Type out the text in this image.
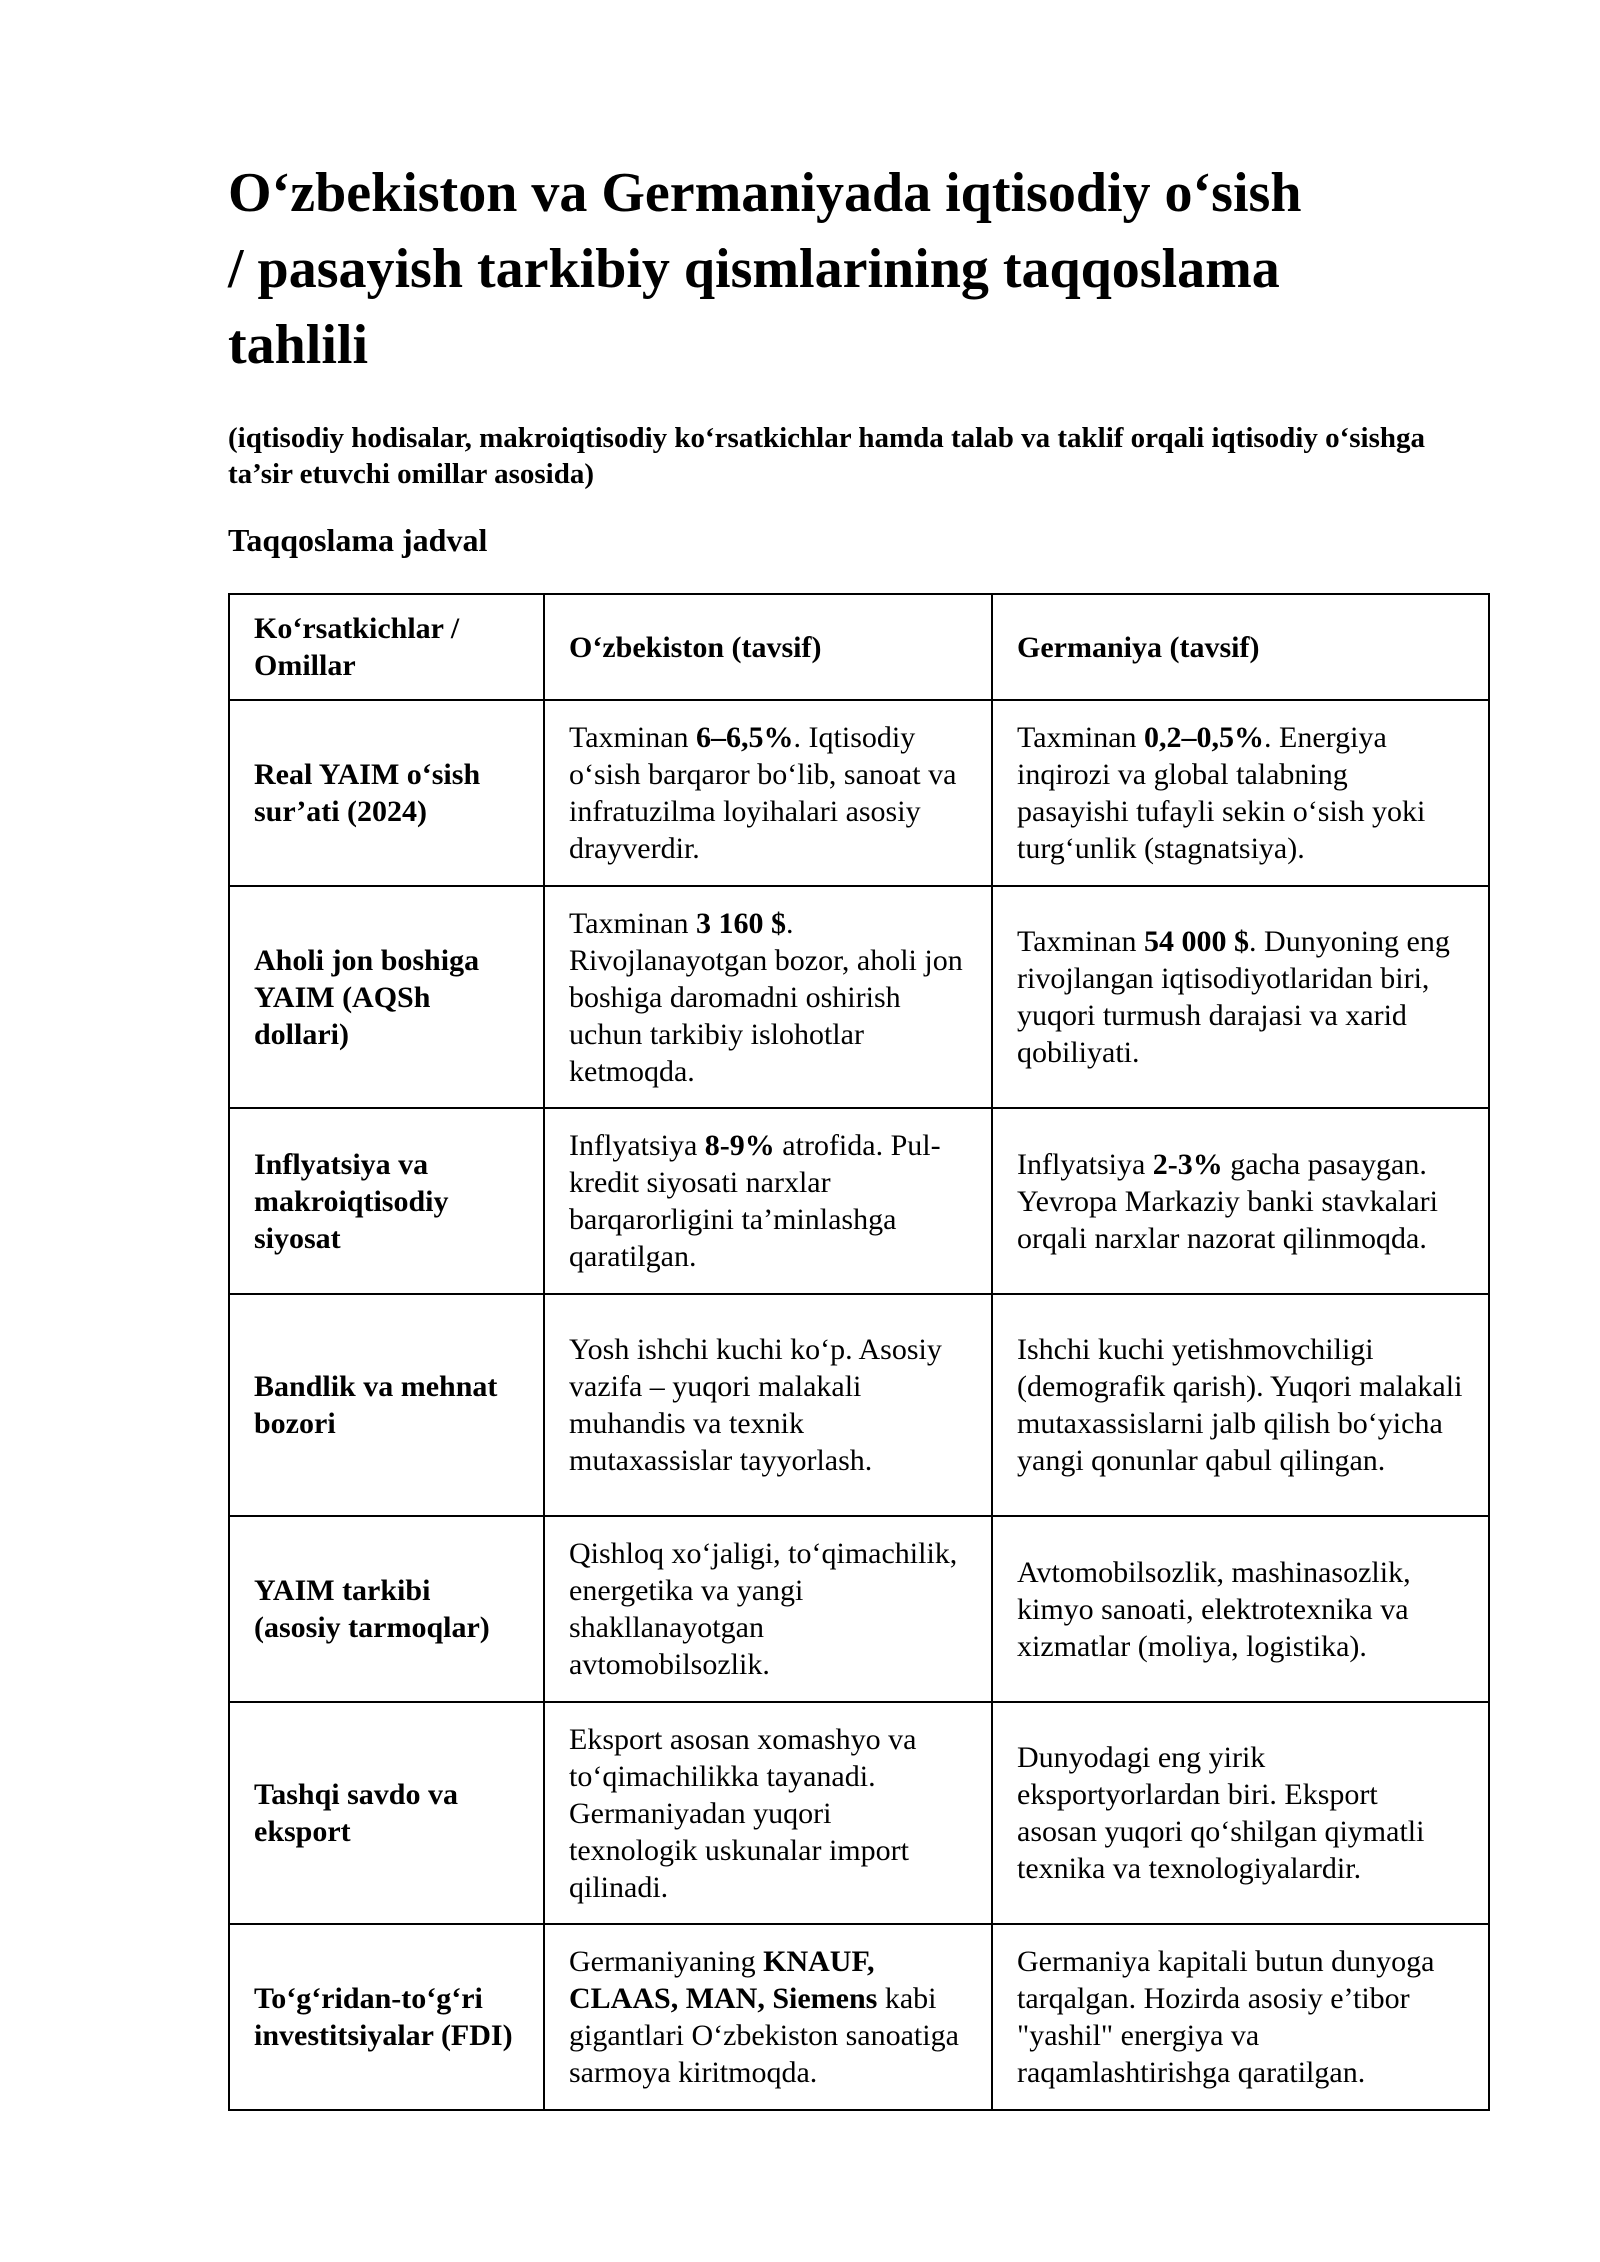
O‘zbekiston va Germaniyada iqtisodiy o‘sish / pasayish tarkibiy qismlarining taqqoslama tahlili

(iqtisodiy hodisalar, makroiqtisodiy ko‘rsatkichlar hamda talab va taklif orqali iqtisodiy o‘sishga ta’sir etuvchi omillar asosida)

Taqqoslama jadval

Ko‘rsatkichlar / Omillar	O‘zbekiston (tavsif)	Germaniya (tavsif)
Real YAIM o‘sish sur’ati (2024)	Taxminan 6–6,5%. Iqtisodiy o‘sish barqaror bo‘lib, sanoat va infratuzilma loyihalari asosiy drayverdir.	Taxminan 0,2–0,5%. Energiya inqirozi va global talabning pasayishi tufayli sekin o‘sish yoki turg‘unlik (stagnatsiya).
Aholi jon boshiga YAIM (AQSh dollari)	Taxminan 3 160 $. Rivojlanayotgan bozor, aholi jon boshiga daromadni oshirish uchun tarkibiy islohotlar ketmoqda.	Taxminan 54 000 $. Dunyoning eng rivojlangan iqtisodiyotlaridan biri, yuqori turmush darajasi va xarid qobiliyati.
Inflyatsiya va makroiqtisodiy siyosat	Inflyatsiya 8-9% atrofida. Pul-kredit siyosati narxlar barqarorligini ta’minlashga qaratilgan.	Inflyatsiya 2-3% gacha pasaygan. Yevropa Markaziy banki stavkalari orqali narxlar nazorat qilinmoqda.
Bandlik va mehnat bozori	Yosh ishchi kuchi ko‘p. Asosiy vazifa – yuqori malakali muhandis va texnik mutaxassislar tayyorlash.	Ishchi kuchi yetishmovchiligi (demografik qarish). Yuqori malakali mutaxassislarni jalb qilish bo‘yicha yangi qonunlar qabul qilingan.
YAIM tarkibi (asosiy tarmoqlar)	Qishloq xo‘jaligi, to‘qimachilik, energetika va yangi shakllanayotgan avtomobilsozlik.	Avtomobilsozlik, mashinasozlik, kimyo sanoati, elektrotexnika va xizmatlar (moliya, logistika).
Tashqi savdo va eksport	Eksport asosan xomashyo va to‘qimachilikka tayanadi. Germaniyadan yuqori texnologik uskunalar import qilinadi.	Dunyodagi eng yirik eksportyorlardan biri. Eksport asosan yuqori qo‘shilgan qiymatli texnika va texnologiyalardir.
To‘g‘ridan-to‘g‘ri investitsiyalar (FDI)	Germaniyaning KNAUF, CLAAS, MAN, Siemens kabi gigantlari O‘zbekiston sanoatiga sarmoya kiritmoqda.	Germaniya kapitali butun dunyoga tarqalgan. Hozirda asosiy e’tibor "yashil" energiya va raqamlashtirishga qaratilgan.
